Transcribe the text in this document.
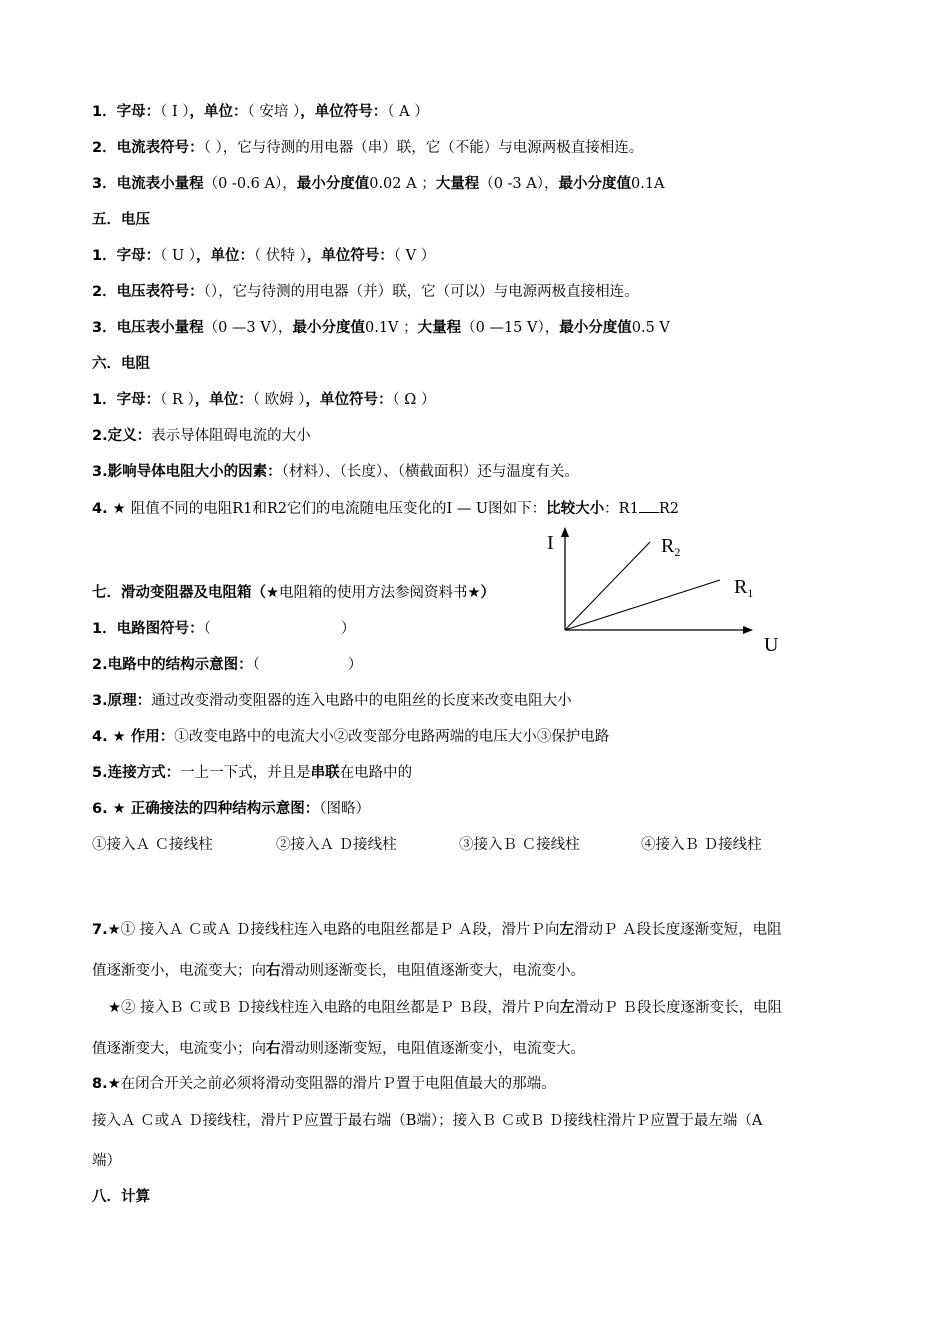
1．字母：（ I ），单位：（ 安培 ），单位符号：（ A ）
2．电流表符号：（ ），它与待测的用电器（串）联，它（不能）与电源两极直接相连。
3．电流表小量程（0 -0.6 A），最小分度值0.02 A ；大量程（0 -3 A），最小分度值0.1A
五．电压
1．字母：（ U ），单位：（ 伏特 ），单位符号：（ V ）
2．电压表符号：（），它与待测的用电器（并）联，它（可以）与电源两极直接相连。
3．电压表小量程（0 —3 V），最小分度值0.1V ；大量程（0 —15 V），最小分度值0.5 V
六．电阻
1．字母：（ R ），单位：（ 欧姆 ），单位符号：（ Ω ）
2.定义：表示导体阻碍电流的大小
3.影响导体电阻大小的因素：（材料）、（长度）、（横截面积）还与温度有关。
4. ★ 阻值不同的电阻R1和R2它们的电流随电压变化的I — U图如下：比较大小：R1 R2
I
U
$R_2$
$R_1$
七．滑动变阻器及电阻箱（★电阻箱的使用方法参阅资料书★）
1．电路图符号：（	）
2.电路中的结构示意图：（	）
3.原理：通过改变滑动变阻器的连入电路中的电阻丝的长度来改变电阻大小
4. ★ 作用：①改变电路中的电流大小②改变部分电路两端的电压大小③保护电路
5.连接方式：一上一下式，并且是串联在电路中的
6. ★ 正确接法的四种结构示意图：（图略）
①接入Ａ Ｃ接线柱	②接入Ａ Ｄ接线柱	③接入Ｂ Ｃ接线柱	④接入Ｂ Ｄ接线柱
7.★① 接入Ａ Ｃ或Ａ Ｄ接线柱连入电路的电阻丝都是Ｐ Ａ段，滑片Ｐ向左滑动Ｐ Ａ段长度逐渐变短，电阻
值逐渐变小，电流变大；向右滑动则逐渐变长，电阻值逐渐变大，电流变小。
★② 接入Ｂ Ｃ或Ｂ Ｄ接线柱连入电路的电阻丝都是Ｐ Ｂ段，滑片Ｐ向左滑动Ｐ Ｂ段长度逐渐变长，电阻
值逐渐变大，电流变小；向右滑动则逐渐变短，电阻值逐渐变小，电流变大。
8.★在闭合开关之前必须将滑动变阻器的滑片Ｐ置于电阻值最大的那端。
接入Ａ Ｃ或Ａ Ｄ接线柱，滑片Ｐ应置于最右端（B端）；接入Ｂ Ｃ或Ｂ Ｄ接线柱滑片Ｐ应置于最左端（A
端）
八．计算
